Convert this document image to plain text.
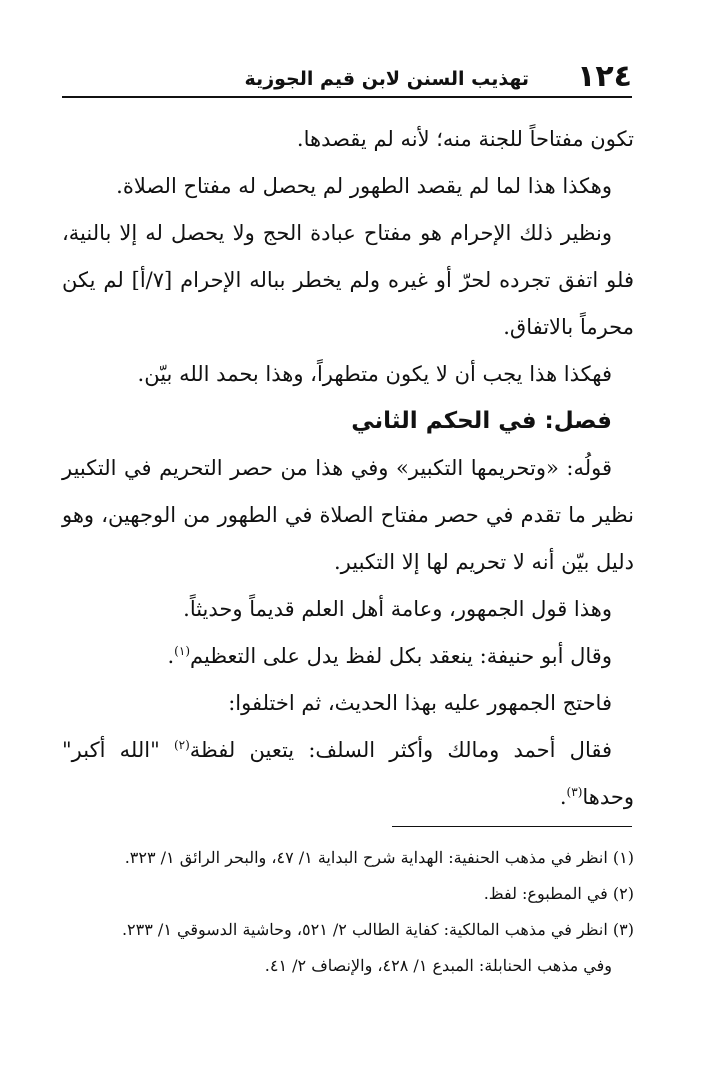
١٢٤
تهذيب السنن لابن قيم الجوزية

تكون مفتاحاً للجنة منه؛ لأنه لم يقصدها.

وهكذا هذا لما لم يقصد الطهور لم يحصل له مفتاح الصلاة.

ونظير ذلك الإحرام هو مفتاح عبادة الحج ولا يحصل له إلا بالنية، فلو اتفق تجرده لحرّ أو غيره ولم يخطر بباله الإحرام [٧/أ] لم يكن محرماً بالاتفاق.

فهكذا هذا يجب أن لا يكون متطهراً، وهذا بحمد الله بيّن.

فصل: في الحكم الثاني

قولُه: «وتحريمها التكبير» وفي هذا من حصر التحريم في التكبير نظير ما تقدم في حصر مفتاح الصلاة في الطهور من الوجهين، وهو دليل بيّن أنه لا تحريم لها إلا التكبير.

وهذا قول الجمهور، وعامة أهل العلم قديماً وحديثاً.

وقال أبو حنيفة: ينعقد بكل لفظ يدل على التعظيم$^{(١)}$.

فاحتج الجمهور عليه بهذا الحديث، ثم اختلفوا:

فقال أحمد ومالك وأكثر السلف: يتعين لفظة$^{(٢)}$ "الله أكبر" وحدها$^{(٣)}$.

(١) انظر في مذهب الحنفية: الهداية شرح البداية ١/ ٤٧، والبحر الرائق ١/ ٣٢٣.

(٢) في المطبوع: لفظ.

(٣) انظر في مذهب المالكية: كفاية الطالب ٢/ ٥٢١، وحاشية الدسوقي ١/ ٢٣٣.

وفي مذهب الحنابلة: المبدع ١/ ٤٢٨، والإنصاف ٢/ ٤١.
